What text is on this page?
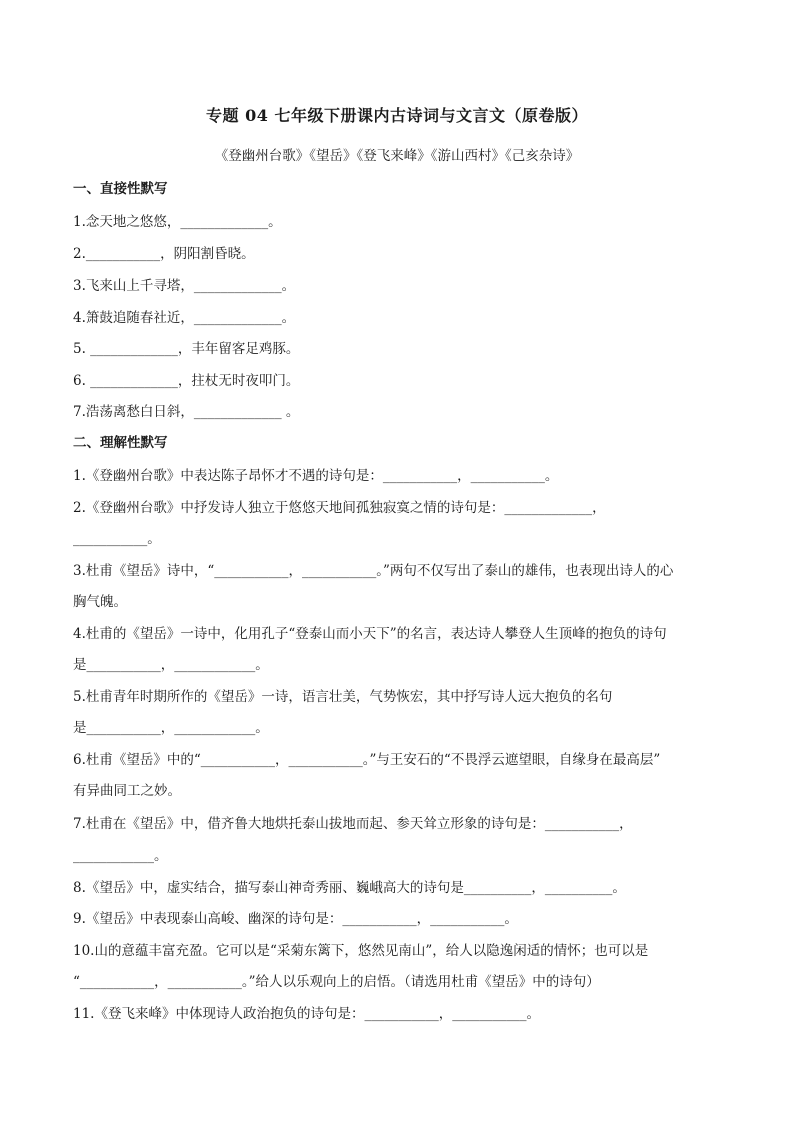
专题 04 七年级下册课内古诗词与文言文（原卷版）
《登幽州台歌》《望岳》《登飞来峰》《游山西村》《己亥杂诗》
一、直接性默写
1.念天地之悠悠，_____________。
2.___________，阴阳割昏晓。
3.飞来山上千寻塔，_____________。
4.箫鼓追随春社近，_____________。
5. _____________，丰年留客足鸡豚。
6. _____________，拄杖无时夜叩门。
7.浩荡离愁白日斜，_____________ 。
二、理解性默写
1.《登幽州台歌》中表达陈子昂怀才不遇的诗句是：___________，___________。
2.《登幽州台歌》中抒发诗人独立于悠悠天地间孤独寂寞之情的诗句是：_____________，
___________。
3.杜甫《望岳》诗中，“___________，___________。”两句不仅写出了泰山的雄伟，也表现出诗人的心
胸气魄。
4.杜甫的《望岳》一诗中，化用孔子“登泰山而小天下”的名言，表达诗人攀登人生顶峰的抱负的诗句
是___________，____________。
5.杜甫青年时期所作的《望岳》一诗，语言壮美，气势恢宏，其中抒写诗人远大抱负的名句
是___________，____________。
6.杜甫《望岳》中的“___________，___________。”与王安石的“不畏浮云遮望眼，自缘身在最高层”
有异曲同工之妙。
7.杜甫在《望岳》中，借齐鲁大地烘托泰山拔地而起、参天耸立形象的诗句是：___________，
____________。
8.《望岳》中，虚实结合，描写泰山神奇秀丽、巍峨高大的诗句是__________，__________。
9.《望岳》中表现泰山高峻、幽深的诗句是：___________，___________。
10.山的意蕴丰富充盈。它可以是“采菊东篱下，悠然见南山”，给人以隐逸闲适的情怀；也可以是
“___________，___________。”给人以乐观向上的启悟。（请选用杜甫《望岳》中的诗句）
11.《登飞来峰》中体现诗人政治抱负的诗句是：___________，___________。
